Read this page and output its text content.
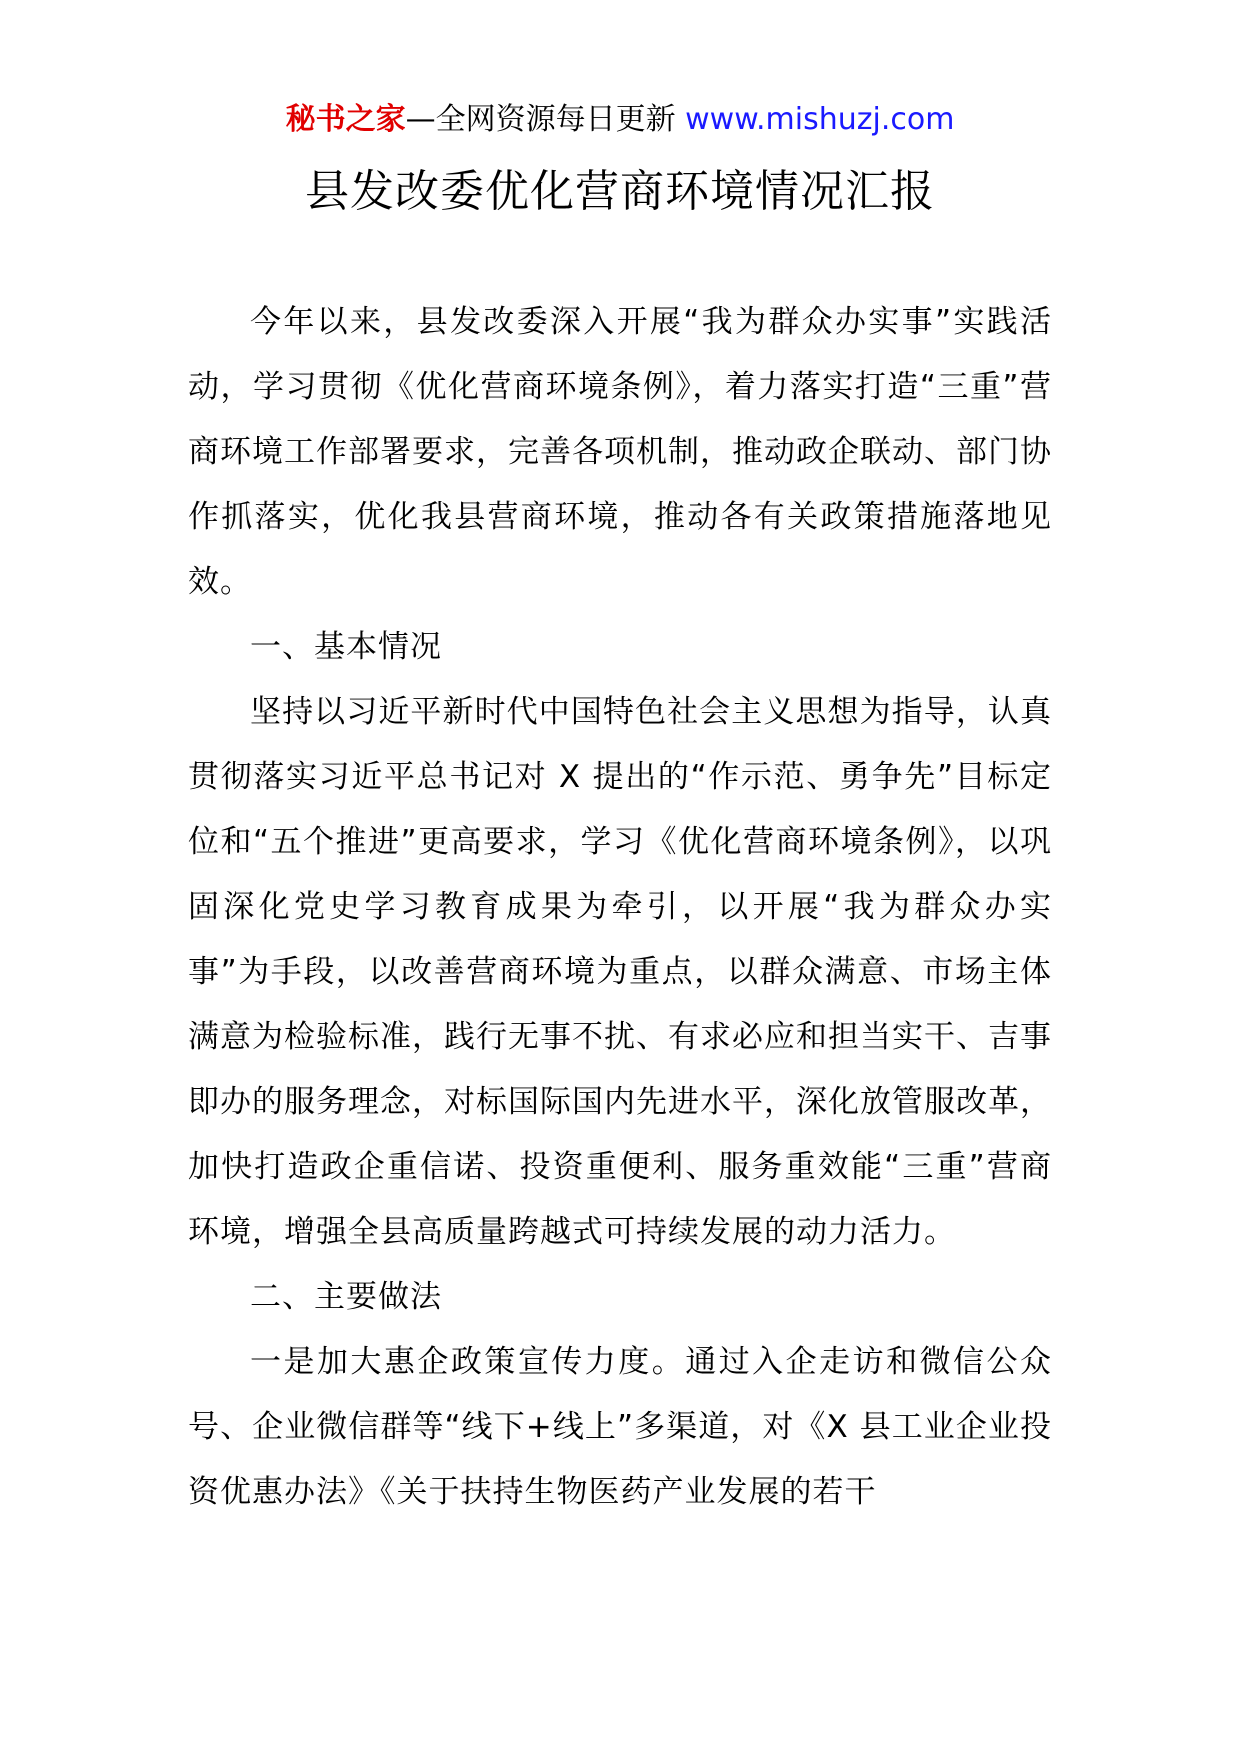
秘书之家—全网资源每日更新 www.mishuzj.com
县发改委优化营商环境情况汇报

今年以来，县发改委深入开展“我为群众办实事”实践活动，学习贯彻《优化营商环境条例》，着力落实打造“三重”营商环境工作部署要求，完善各项机制，推动政企联动、部门协作抓落实，优化我县营商环境，推动各有关政策措施落地见效。

一、基本情况

坚持以习近平新时代中国特色社会主义思想为指导，认真贯彻落实习近平总书记对 X 提出的“作示范、勇争先”目标定位和“五个推进”更高要求，学习《优化营商环境条例》，以巩固深化党史学习教育成果为牵引，以开展“我为群众办实事”为手段，以改善营商环境为重点，以群众满意、市场主体满意为检验标准，践行无事不扰、有求必应和担当实干、吉事即办的服务理念，对标国际国内先进水平，深化放管服改革，加快打造政企重信诺、投资重便利、服务重效能“三重”营商环境，增强全县高质量跨越式可持续发展的动力活力。

二、主要做法

一是加大惠企政策宣传力度。通过入企走访和微信公众号、企业微信群等“线下+线上”多渠道，对《X 县工业企业投资优惠办法》《关于扶持生物医药产业发展的若干
